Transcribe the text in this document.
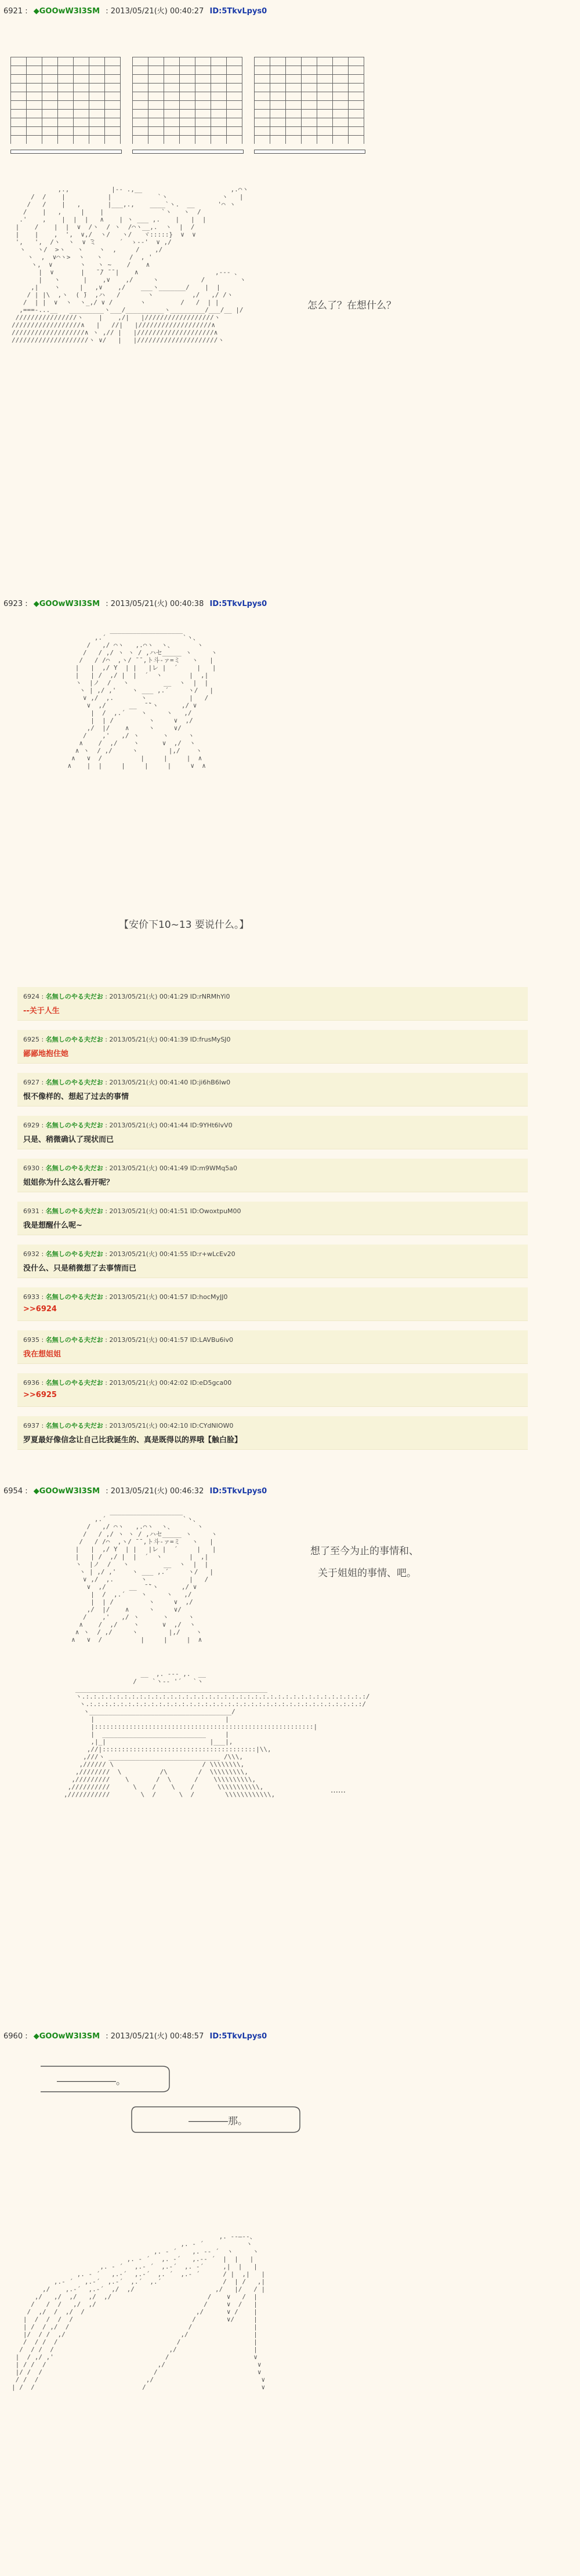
6921 : ◆GOOwW3I3SM : 2013/05/21(火) 00:40:27 ID:5TkvLpys0
,.,           |‐- .,__                       ,.⌒ヽ
/  /    |           |            `ヽ              ヽ   |
/   /    |   ,       |___,.,    ____`ヽ.  __      '⌒ ヽ
/    |   ,     |    |               `ヽ   ヽ  /
.'    ,    |  |  |   ∧    | ヽ ___ ,.    |   |  |
|    /    |  |  ∨  /ヽ  / ヽ  /⌒ヽ__,.  ヽ  |  /
|    |    ,  ',  ∨,/  ヽ/   ヽ/   ヾ:::::}  ∨  ∨
',   ',  /ヽ  ヽ  ∨ ̄ミ      ´  ゝ--'  ∨ ,/
ヽ   ヽ/  >ヽ   ヽ    ヽ  ,     /    ,/
ヽ  ,  ∨⌒ヽ>  ヽ   ヽ       /  , '
ヽ,  ∨       ヽ   ヽ ~    /    ∧
|  ∨       |   ̄ ̄/ ̄ ̄ |    ∧                    ,--- 、
|   ヽ      |    ,∨    ,/     ヽ           /         ヽ
,|    ヽ     |   ,∨    ,/    ___ヽ_______/    |  |
/ | |\  ,ヽ  ( ̄)  ,ハ   /       ヽ          ,/   ,/ /ヽ
/  | |  ∨  ヽ  ヽ_,/ ∨ /       ヽ         /   /  | |
,===-...__   _________ヽ___/__________ヽ_________/___/__ |/
////////////////ヽ    |    ,/|   |//////////////////ヽ
//////////////////∧   |   //|   |///////////////////∧
///////////////////∧ ヽ ,// |   |////////////////////∧
////////////////////ヽ ∨/   |   |/////////////////////ヽ

怎么了？在想什么？
6923 : ◆GOOwW3I3SM : 2013/05/21(火) 00:40:38 ID:5TkvLpys0
___________________
,.´                    `ヽ、
/   ,/ ⌒ヽ   ,.⌒ヽ  ヽ、      ヽ
/   / ,/ ヽ ヽ / ,ハセ_____ ヽ     ヽ
/   / /⌒  ,ヽ/ ̄ ̄ ,ト斗-ァ=ミ   ヽ   |
|   |  ,/ Y  | |   |レ |  ´     |   |
|   | /  ,/ |  |  ´  ヽ       |  ,|
ヽ  |ノ  /   ヽ         __  ヽ  |  |
ヽ | ,/ ,'    ヽ ___ ,.´     ヽ/   |
∨ ,/  ,.       ヽ           |   /
∨  ,/      __  ̄ ̄`ヽ      ,/ ∨
|  /  ,.´    ヽ     ヽ   ,/
|  | /         ヽ     ∨  ,/
,/  |/    ∧     ヽ     ∨/
/    ,'   ,/ ヽ      ヽ     ヽ
∧    /  ,/    ヽ      ∨  ,/  ヽ
∧ ヽ  / ,/     ヽ        |,/    ヽ
∧   ∨  /          |     |     |  ∧
∧    |  |     |     |     |     ∨  ∧

【安价下10~13 要说什么。】
6924 : 名無しのやる夫だお : 2013/05/21(火) 00:41:29 ID:rNRMhYi0
--关于人生
6925 : 名無しのやる夫だお : 2013/05/21(火) 00:41:39 ID:frusMySJ0
鄙鄙地抱住她
6927 : 名無しのやる夫だお : 2013/05/21(火) 00:41:40 ID:ji6hB6Iw0
恨不像样的、想起了过去的事情
6929 : 名無しのやる夫だお : 2013/05/21(火) 00:41:44 ID:9YHt6lvV0
只是、稍微确认了现状而已
6930 : 名無しのやる夫だお : 2013/05/21(火) 00:41:49 ID:m9WMq5a0
姐姐你为什么这么看开呢？
6931 : 名無しのやる夫だお : 2013/05/21(火) 00:41:51 ID:OwoxtpuM00
我是想醒什么呢~
6932 : 名無しのやる夫だお : 2013/05/21(火) 00:41:55 ID:r+wLcEv20
没什么、只是稍微想了去事情而已
6933 : 名無しのやる夫だお : 2013/05/21(火) 00:41:57 ID:hocMyJJ0
>>6924
6935 : 名無しのやる夫だお : 2013/05/21(火) 00:41:57 ID:LAVBu6iv0
我在想姐姐
6936 : 名無しのやる夫だお : 2013/05/21(火) 00:42:02 ID:eD5gca00
>>6925
6937 : 名無しのやる夫だお : 2013/05/21(火) 00:42:10 ID:CYdNIOW0
罗夏最好像信念让自己比我诞生的、真是既得以的界哦【触白脸】
6954 : ◆GOOwW3I3SM : 2013/05/21(火) 00:46:32 ID:5TkvLpys0
___________________
,.´                    `ヽ、
/   ,/ ⌒ヽ   ,.⌒ヽ  ヽ、      ヽ
/   / ,/ ヽ ヽ / ,ハセ_____ ヽ     ヽ
/   / /⌒  ,ヽ/ ̄ ̄ ,ト斗-ァ=ミ   ヽ   |
|   |  ,/ Y  | |   |レ |  ´     |   |
|   | /  ,/ |  |  ´  ヽ       |  ,|
ヽ  |ノ  /   ヽ         __  ヽ  |  |
ヽ | ,/ ,'    ヽ ___ ,.´     ヽ/   |
∨ ,/  ,.       ヽ           |   /
∨  ,/      __  ̄ ̄`ヽ      ,/ ∨
|  /  ,.´    ヽ     ヽ   ,/
|  | /         ヽ     ∨  ,/
,/  |/    ∧     ヽ     ∨/
/    ,'   ,/ ヽ      ヽ     ヽ
∧    /  ,/    ヽ      ∨  ,/  ヽ
∧ ヽ  / ,/     ヽ        |,/    ヽ
∧   ∨  /          |     |     |  ∧

想了至今为止的事情和、
关于姐姐的事情、吧。
__  ,. -‐- ,.  __
/    `ヽ‐‐ '´   `ヽ
__________________________________________________
ヽ.:.:.:.:.:.:.:.:.:.:.:.:.:.:.:.:.:.:.:.:.:.:.:.:.:.:.:.:.:.:.:.:.:.:.:.:.:/
ヽ.:.:.:.:.:.:.:.:.:.:.:.:.:.:.:.:.:.:.:.:.:.:.:.:.:.:.:.:.:.:.:.:.:.:.:.:/
ヽ_____________________________________/
|                                  |
|:::::::::::::::::::::::::::::::::::::::::::::::::::::::::|
|  ___________________________     |
,|_|                           |___|,
,//|::::::::::::::::::::::::::::::::::::::::|\\,
,///ヽ _____________________________ /\\\,
,////// \                       / \\\\\\\\,
,////////  \          /\        /  \\\\\\\\\,
,/////////    \       /  \      /    \\\\\\\\\\,
,//////////      \    /    \    /      \\\\\\\\\\\,
,///////////        \  /      \  /        \\\\\\\\\\\\,	……
6960 : ◆GOOwW3I3SM : 2013/05/21(火) 00:48:57 ID:5TkvLpys0
――――――。
――――那。
,. ‐-―--、
,. ‐ ´           ヽ
,. ‐ ´    ,. -‐ ´  ヽ     ヽ
,. ‐ ´   ,. ‐´   ,.-‐ ´  |  |   |
,. ‐ ´   ,.‐ ´  ,.‐´  ,. ‐´     ,|  |   |
,. ‐ ´   ,.‐´  ,.‐´  ,. ´  ,.‐ ´      / |  ,|   |
,.‐ ´   ,.‐´  ,.‐´  ,.´  ,.´                /  | /   ,|
,/    ,.‐´  ,.‐´  ,/  ,/                     ,/   |/   / |
,/   ,/  ,/   ,/  ,/                         /    ∨   /  |
/   /  /   ,/  ,/                            /     ∨  /   |
/  ,/  /  ,/  /                             ,/      ∨ /    |
|  /  /  /  /                               /        ∨/     |
| /  / ,/  /                               /                |
|/  / /  ,/                              ,/                 |
/  / /  /                               /                   |
/  / /  /                              ,/                    |
|  / ,/ ,'                             /                      ∨
| / /  /                             ,/                        ∨
|/ /  /                             /                          ∨
/ /  /                            ,/                            ∨
| /  /                            /                              ∨
